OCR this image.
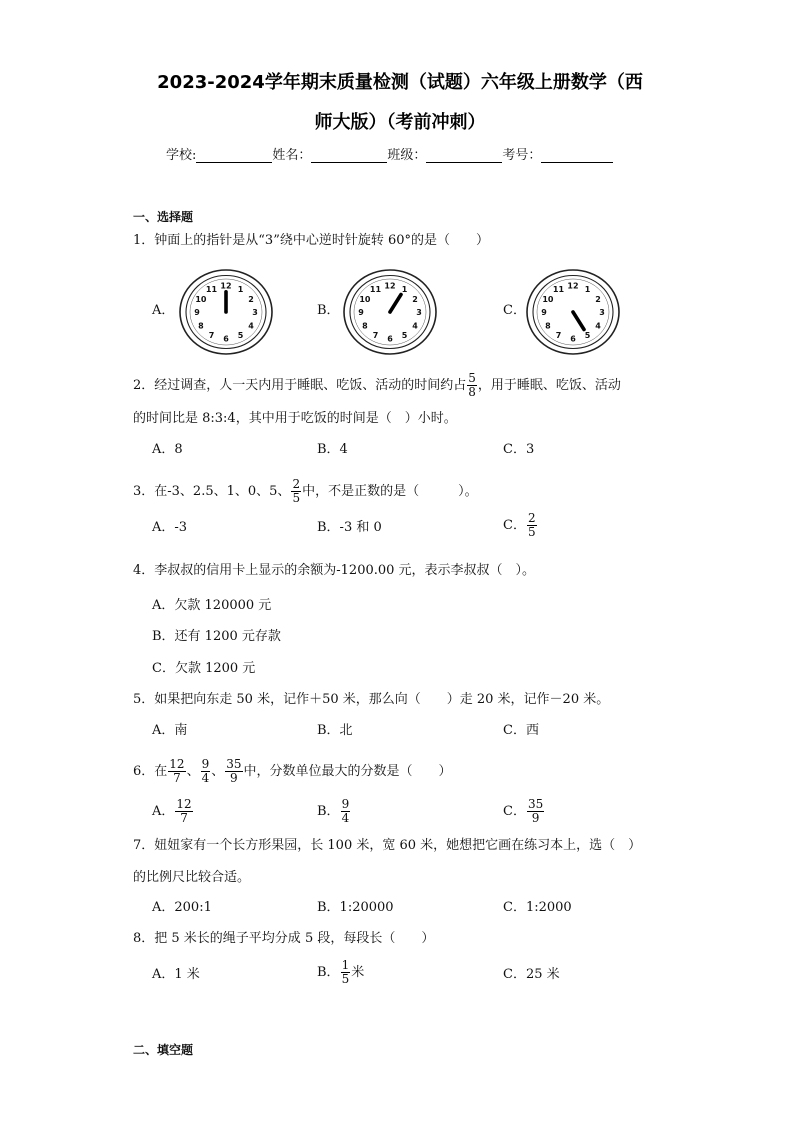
2023-2024学年期末质量检测（试题）六年级上册数学（西
师大版）（考前冲刺）
学校:	姓名：	班级：	考号：
一、选择题
1．钟面上的指针是从“3”绕中心逆时针旋转 60°的是（　　）
A．
12 1
2
3
4
5
6
7
8
9
10
11
B．
12 1
2
3
4
5
6
7
8
9
10
11
C．
12 1
2
3
4
5
6
7
8
9
10
11
2．经过调查，人一天内用于睡眠、吃饭、活动的时间约占 $\frac{5}{8}$ ，用于睡眠、吃饭、活动
的时间比是 8:3:4，其中用于吃饭的时间是（　）小时。
A．8	B．4	C．3
3．在-3、2.5、1、0、5、 $\frac{2}{5}$ 中，不是正数的是（　　　）。
A．-3	B．-3 和 0	C． $\frac{2}{5}$
4．李叔叔的信用卡上显示的余额为-1200.00 元，表示李叔叔（　）。
A．欠款 120000 元
B．还有 1200 元存款
C．欠款 1200 元
5．如果把向东走 50 米，记作＋50 米，那么向（　　）走 20 米，记作－20 米。
A．南	B．北	C．西
6．在 $\frac{12}{7}$ 、 $\frac{9}{4}$ 、 $\frac{35}{9}$ 中，分数单位最大的分数是（　　）
A． $\frac{12}{7}$	B． $\frac{9}{4}$	C． $\frac{35}{9}$
7．妞妞家有一个长方形果园，长 100 米，宽 60 米，她想把它画在练习本上，选（　）
的比例尺比较合适。
A．200:1	B．1:20000	C．1:2000
8．把 5 米长的绳子平均分成 5 段，每段长（　　）
A．1 米	B． $\frac{1}{5}$ 米	C．25 米
二、填空题
